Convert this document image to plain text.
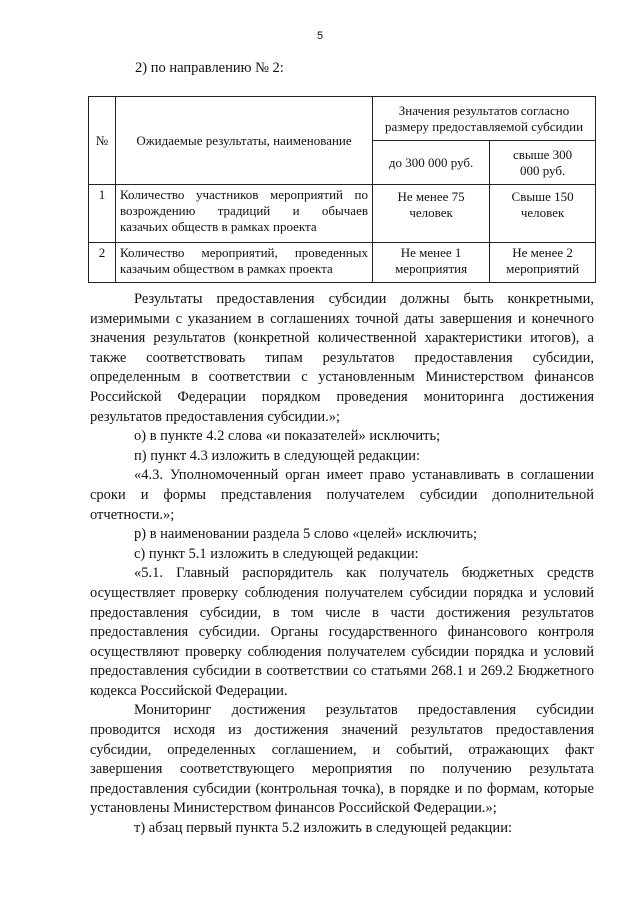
5
2) по направлению № 2:
№	Ожидаемые результаты, наименование	Значения результатов согласно размеру предоставляемой субсидии	
		до 300 000 руб.	свыше 300 000 руб.
1	Количество участников мероприятий по
возрождению традиций и обычаев
казачьих обществ в рамках проекта	Не менее 75 человек	Свыше 150 человек
2	Количество мероприятий, проведенных
казачьим обществом в рамках проекта	Не менее 1 мероприятия	Не менее 2 мероприятий

Результаты предоставления субсидии должны быть конкретными, измеримыми с указанием в соглашениях точной даты завершения и конечного значения результатов (конкретной количественной характеристики итогов), а также соответствовать типам результатов предоставления субсидии, определенным в соответствии с установленным Министерством финансов Российской Федерации порядком проведения мониторинга достижения результатов предоставления субсидии.»;

о) в пункте 4.2 слова «и показателей» исключить;

п) пункт 4.3 изложить в следующей редакции:

«4.3. Уполномоченный орган имеет право устанавливать в соглашении сроки и формы представления получателем субсидии дополнительной отчетности.»;

р) в наименовании раздела 5 слово «целей» исключить;

с) пункт 5.1 изложить в следующей редакции:

«5.1. Главный распорядитель как получатель бюджетных средств осуществляет проверку соблюдения получателем субсидии порядка и условий предоставления субсидии, в том числе в части достижения результатов предоставления субсидии. Органы государственного финансового контроля осуществляют проверку соблюдения получателем субсидии порядка и условий предоставления субсидии в соответствии со статьями 268.1 и 269.2 Бюджетного кодекса Российской Федерации.

Мониторинг достижения результатов предоставления субсидии проводится исходя из достижения значений результатов предоставления субсидии, определенных соглашением, и событий, отражающих факт завершения соответствующего мероприятия по получению результата предоставления субсидии (контрольная точка), в порядке и по формам, которые установлены Министерством финансов Российской Федерации.»;

т) абзац первый пункта 5.2 изложить в следующей редакции:
